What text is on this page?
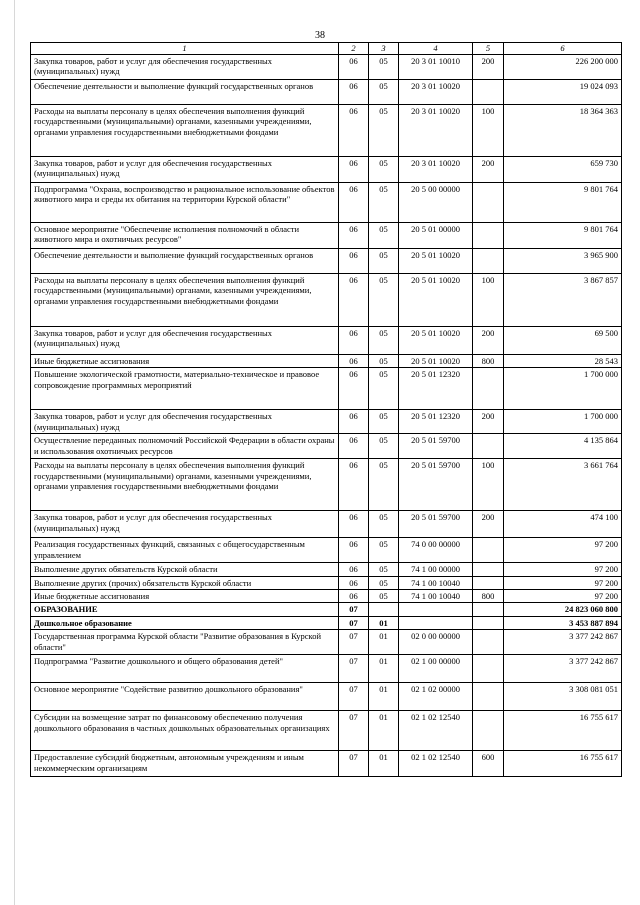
38
1	2	3	4	5	6
Закупка товаров, работ и услуг для обеспечения государственных (муниципальных) нужд	06	05	20 3 01 10010	200	226 200 000
Обеспечение деятельности и выполнение функций государственных органов	06	05	20 3 01 10020		19 024 093
Расходы на выплаты персоналу в целях обеспечения выполнения функций государственными (муниципальными) органами, казенными учреждениями, органами управления государственными внебюджетными фондами	06	05	20 3 01 10020	100	18 364 363
Закупка товаров, работ и услуг для обеспечения государственных (муниципальных) нужд	06	05	20 3 01 10020	200	659 730
Подпрограмма "Охрана, воспроизводство и рациональное использование объектов животного мира и среды их обитания на территории Курской области"	06	05	20 5 00 00000		9 801 764
Основное мероприятие "Обеспечение исполнения полномочий в области животного мира и охотничьих ресурсов"	06	05	20 5 01 00000		9 801 764
Обеспечение деятельности и выполнение функций государственных органов	06	05	20 5 01 10020		3 965 900
Расходы на выплаты персоналу в целях обеспечения выполнения функций государственными (муниципальными) органами, казенными учреждениями, органами управления государственными внебюджетными фондами	06	05	20 5 01 10020	100	3 867 857
Закупка товаров, работ и услуг для обеспечения государственных (муниципальных) нужд	06	05	20 5 01 10020	200	69 500
Иные бюджетные ассигнования	06	05	20 5 01 10020	800	28 543
Повышение экологической грамотности, материально-техническое и правовое сопровождение программных мероприятий	06	05	20 5 01 12320		1 700 000
Закупка товаров, работ и услуг для обеспечения государственных (муниципальных) нужд	06	05	20 5 01 12320	200	1 700 000
Осуществление переданных полномочий Российской Федерации в области охраны и использования охотничьих ресурсов	06	05	20 5 01 59700		4 135 864
Расходы на выплаты персоналу в целях обеспечения выполнения функций государственными (муниципальными) органами, казенными учреждениями, органами управления государственными внебюджетными фондами	06	05	20 5 01 59700	100	3 661 764
Закупка товаров, работ и услуг для обеспечения государственных (муниципальных) нужд	06	05	20 5 01 59700	200	474 100
Реализация государственных функций, связанных с общегосударственным управлением	06	05	74 0 00 00000		97 200
Выполнение других обязательств Курской области	06	05	74 1 00 00000		97 200
Выполнение других (прочих) обязательств Курской области	06	05	74 1 00 10040		97 200
Иные бюджетные ассигнования	06	05	74 1 00 10040	800	97 200
ОБРАЗОВАНИЕ	07				24 823 060 800
Дошкольное образование	07	01			3 453 887 894
Государственная программа Курской области "Развитие образования в Курской области"	07	01	02 0 00 00000		3 377 242 867
Подпрограмма "Развитие дошкольного и общего образования детей"	07	01	02 1 00 00000		3 377 242 867
Основное мероприятие "Содействие развитию дошкольного образования"	07	01	02 1 02 00000		3 308 081 051
Субсидии на возмещение затрат по финансовому обеспечению получения дошкольного образования в частных дошкольных образовательных организациях	07	01	02 1 02 12540		16 755 617
Предоставление субсидий бюджетным, автономным учреждениям и иным некоммерческим организациям	07	01	02 1 02 12540	600	16 755 617
